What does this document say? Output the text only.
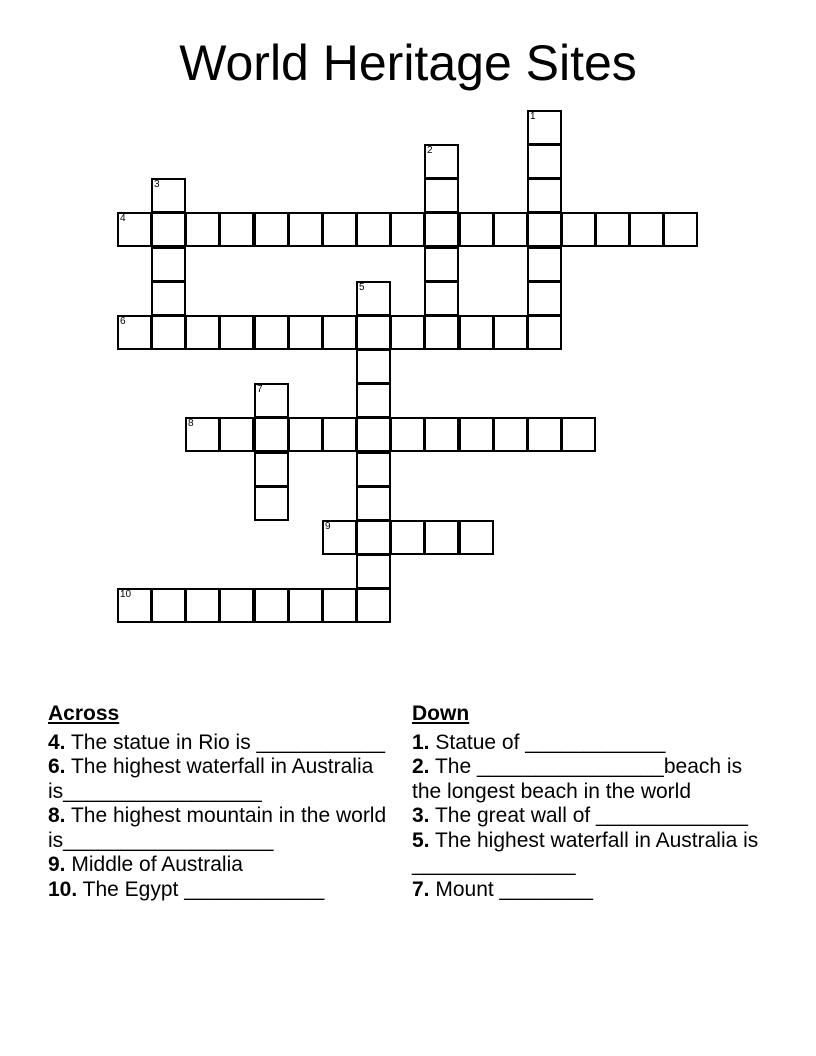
World Heritage Sites
1
2
3
4
5
6
7
8
9
10
Across
4. The statue in Rio is ___________
6. The highest waterfall in Australia is_________________
8. The highest mountain in the world is__________________
9. Middle of Australia
10. The Egypt ____________
Down
1. Statue of ____________
2. The ________________beach is the longest beach in the world
3. The great wall of _____________
5. The highest waterfall in Australia is ______________
7. Mount ________
